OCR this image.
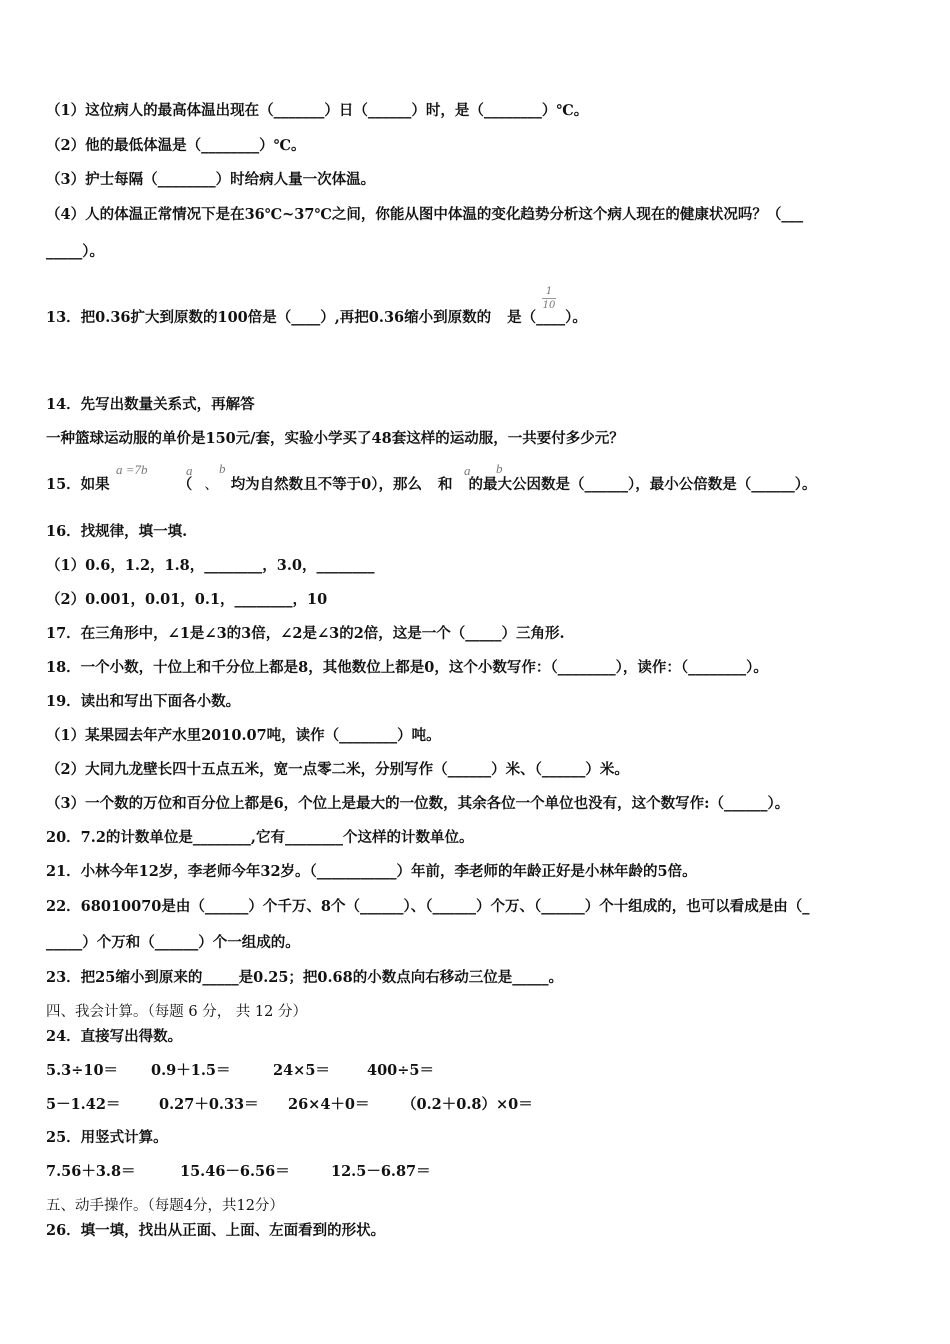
（1）这位病人的最高体温出现在（_______）日（______）时，是（________）℃。
（2）他的最低体温是（________）℃。
（3）护士每隔（________）时给病人量一次体温。
（4）人的体温正常情况下是在36℃~37℃之间，你能从图中体温的变化趋势分析这个病人现在的健康状况吗？（___
_____）。
13．把0.36扩大到原数的100倍是（____）,再把0.36缩小到原数的 是（____）。
1
10
14．先写出数量关系式，再解答
一种篮球运动服的单价是150元/套，实验小学买了48套这样的运动服，一共要付多少元？
15．如果	（ 、 均为自然数且不等于0），那么 和 的最大公因数是（______），最小公倍数是（______）。
a =7b	a b	a b
16．找规律，填一填.
（1）0.6，1.2，1.8，________，3.0，________
（2）0.001，0.01，0.1，________，10
17．在三角形中，∠1是∠3的3倍，∠2是∠3的2倍，这是一个（_____）三角形.
18．一个小数，十位上和千分位上都是8，其他数位上都是0，这个小数写作：（________），读作：（________）。
19．读出和写出下面各小数。
（1）某果园去年产水里2010.07吨，读作（________）吨。
（2）大同九龙壁长四十五点五米，宽一点零二米，分别写作（______）米、（______）米。
（3）一个数的万位和百分位上都是6，个位上是最大的一位数，其余各位一个单位也没有，这个数写作:（______）。
20．7.2的计数单位是________,它有________个这样的计数单位。
21．小林今年12岁，李老师今年32岁。（___________）年前，李老师的年龄正好是小林年龄的5倍。
22．68010070是由（______）个千万、8个（______）、（______）个万、（______）个十组成的，也可以看成是由（_
_____）个万和（______）个一组成的。
23．把25缩小到原来的_____是0.25；把0.68的小数点向右移动三位是_____。
四、我会计算。（每题 6 分， 共 12 分）
24．直接写出得数。
5.3÷10＝ 0.9＋1.5＝	24×5＝	400÷5＝
5－1.42＝	0.27＋0.33＝ 26×4＋0＝ （0.2＋0.8）×0＝
25．用竖式计算。
7.56＋3.8＝	15.46－6.56＝	12.5－6.87＝
五、动手操作。（每题4分，共12分）
26．填一填，找出从正面、上面、左面看到的形状。
